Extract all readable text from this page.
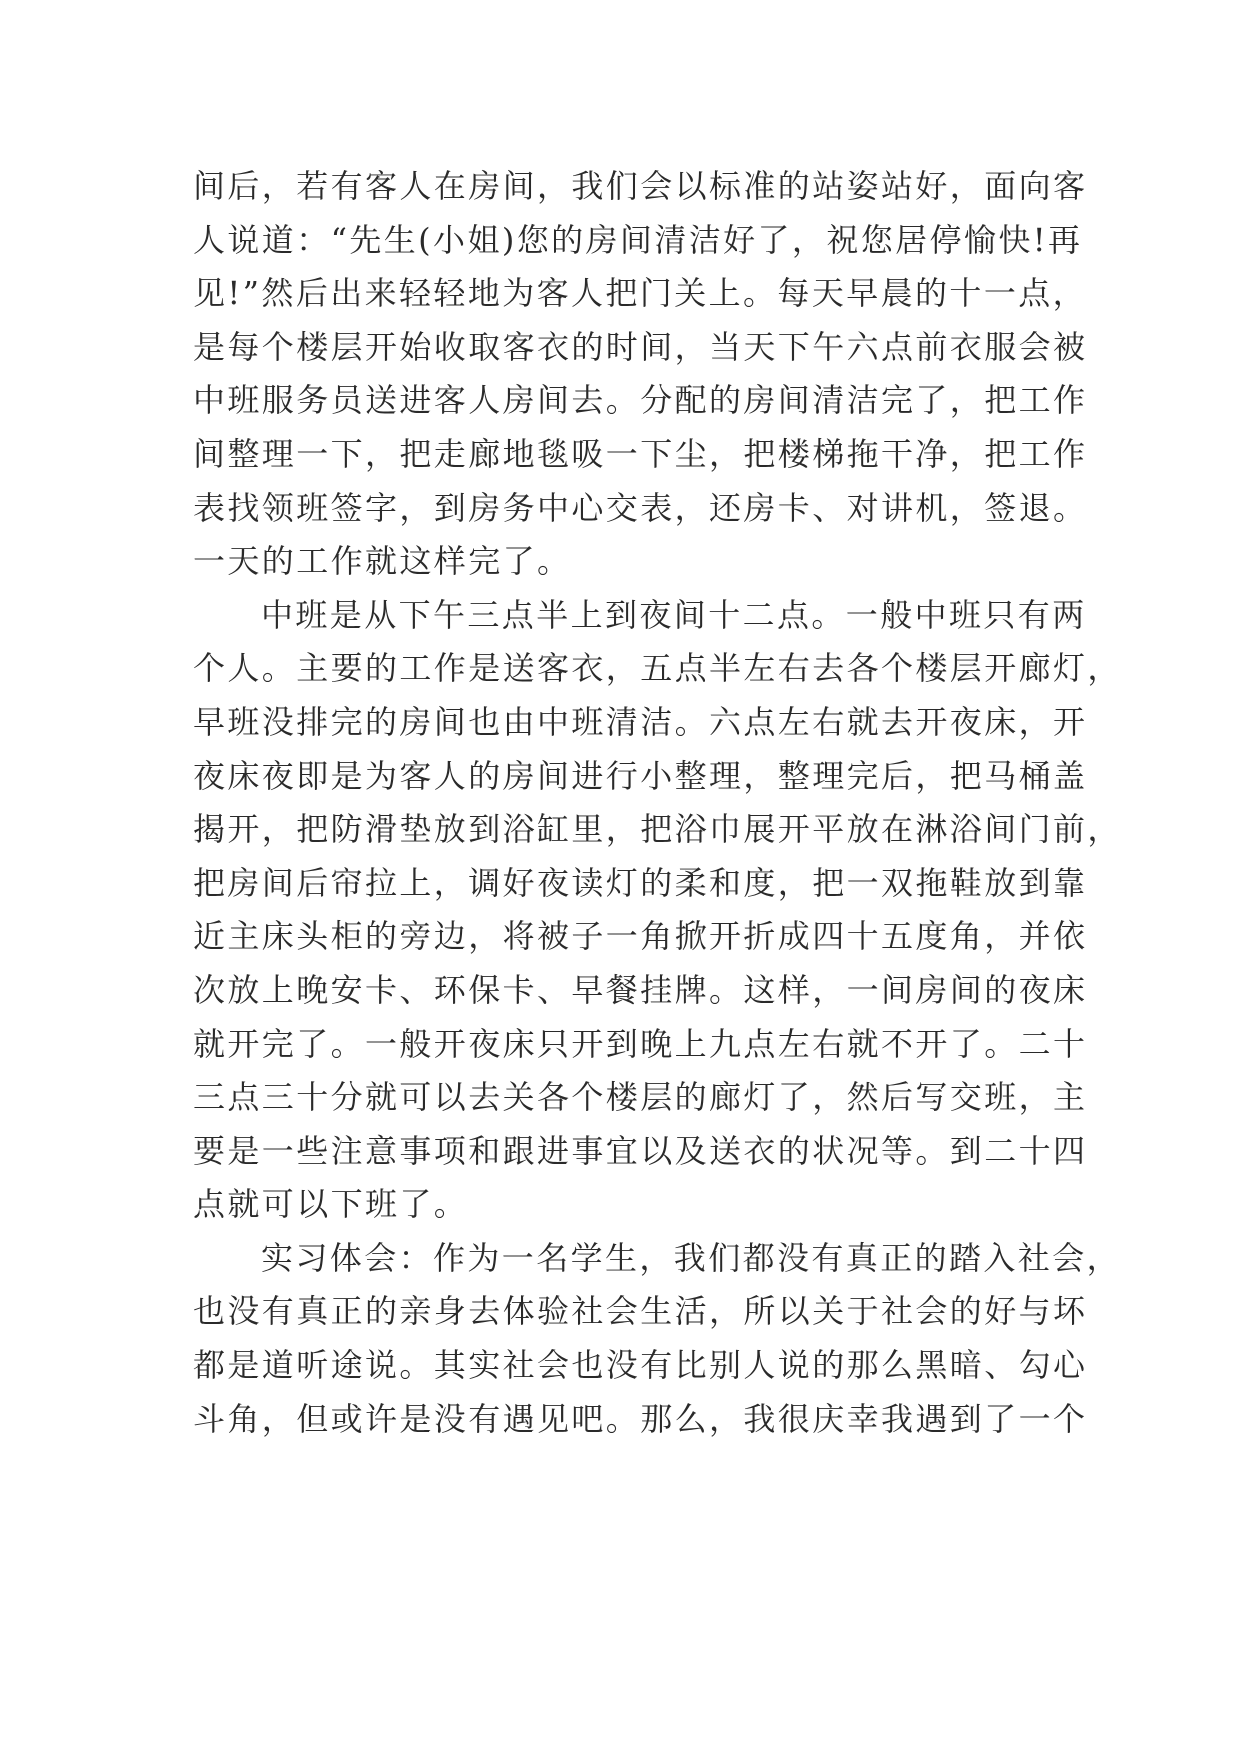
间后，若有客人在房间，我们会以标准的站姿站好，面向客
人说道：“先生(小姐)您的房间清洁好了，祝您居停愉快!再
见!”然后出来轻轻地为客人把门关上。每天早晨的十一点，
是每个楼层开始收取客衣的时间，当天下午六点前衣服会被
中班服务员送进客人房间去。分配的房间清洁完了，把工作
间整理一下，把走廊地毯吸一下尘，把楼梯拖干净，把工作
表找领班签字，到房务中心交表，还房卡、对讲机，签退。
一天的工作就这样完了。
中班是从下午三点半上到夜间十二点。一般中班只有两
个人。主要的工作是送客衣，五点半左右去各个楼层开廊灯，
早班没排完的房间也由中班清洁。六点左右就去开夜床，开
夜床夜即是为客人的房间进行小整理，整理完后，把马桶盖
揭开，把防滑垫放到浴缸里，把浴巾展开平放在淋浴间门前，
把房间后帘拉上，调好夜读灯的柔和度，把一双拖鞋放到靠
近主床头柜的旁边，将被子一角掀开折成四十五度角，并依
次放上晚安卡、环保卡、早餐挂牌。这样，一间房间的夜床
就开完了。一般开夜床只开到晚上九点左右就不开了。二十
三点三十分就可以去关各个楼层的廊灯了，然后写交班，主
要是一些注意事项和跟进事宜以及送衣的状况等。到二十四
点就可以下班了。
实习体会：作为一名学生，我们都没有真正的踏入社会，
也没有真正的亲身去体验社会生活，所以关于社会的好与坏
都是道听途说。其实社会也没有比别人说的那么黑暗、勾心
斗角，但或许是没有遇见吧。那么，我很庆幸我遇到了一个
